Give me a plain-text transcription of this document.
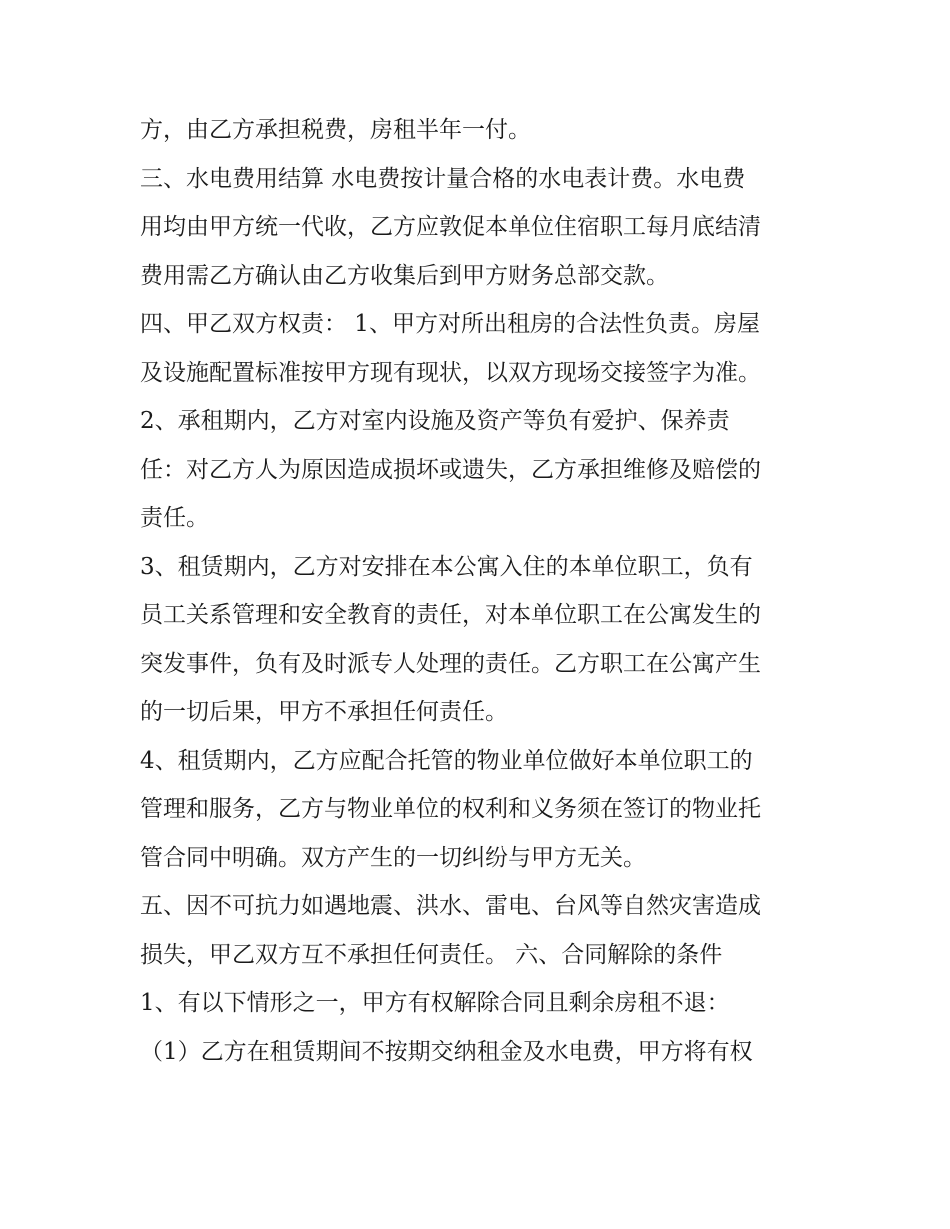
方，由乙方承担税费，房租半年一付。
三、水电费用结算 水电费按计量合格的水电表计费。水电费
用均由甲方统一代收，乙方应敦促本单位住宿职工每月底结清
费用需乙方确认由乙方收集后到甲方财务总部交款。
四、甲乙双方权责： 1、甲方对所出租房的合法性负责。房屋
及设施配置标准按甲方现有现状，以双方现场交接签字为准。
2、承租期内，乙方对室内设施及资产等负有爱护、保养责
任：对乙方人为原因造成损坏或遗失，乙方承担维修及赔偿的
责任。
3、租赁期内，乙方对安排在本公寓入住的本单位职工，负有
员工关系管理和安全教育的责任，对本单位职工在公寓发生的
突发事件，负有及时派专人处理的责任。乙方职工在公寓产生
的一切后果，甲方不承担任何责任。
4、租赁期内，乙方应配合托管的物业单位做好本单位职工的
管理和服务，乙方与物业单位的权利和义务须在签订的物业托
管合同中明确。双方产生的一切纠纷与甲方无关。
五、因不可抗力如遇地震、洪水、雷电、台风等自然灾害造成
损失，甲乙双方互不承担任何责任。 六、合同解除的条件
1、有以下情形之一，甲方有权解除合同且剩余房租不退：
（1）乙方在租赁期间不按期交纳租金及水电费，甲方将有权
